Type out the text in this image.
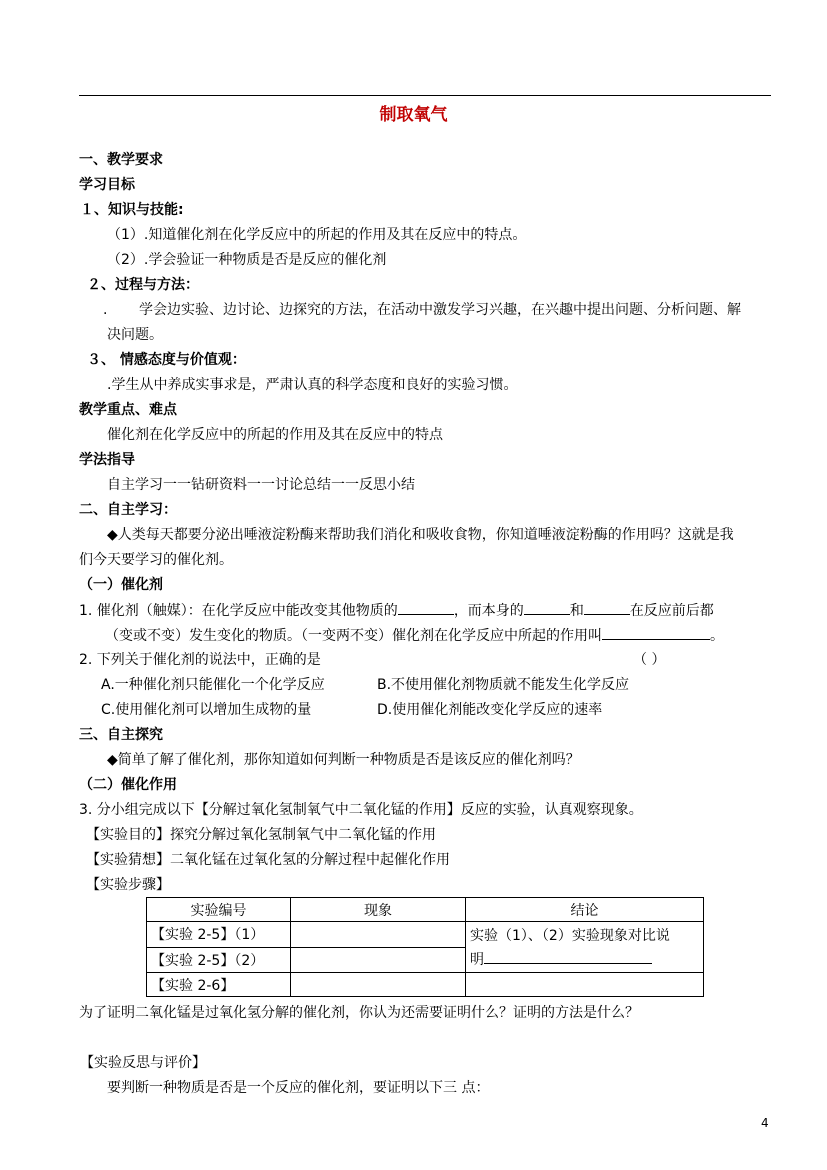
制取氧气
一、教学要求
学习目标
１、知识与技能:
（1）.知道催化剂在化学反应中的所起的作用及其在反应中的特点。
（2）.学会验证一种物质是否是反应的催化剂
２、过程与方法：
. 学会边实验、边讨论、边探究的方法，在活动中激发学习兴趣，在兴趣中提出问题、分析问题、解
决问题。
３、 情感态度与价值观：
.学生从中养成实事求是，严肃认真的科学态度和良好的实验习惯。
教学重点、难点
催化剂在化学反应中的所起的作用及其在反应中的特点
学法指导
自主学习一一钻研资料一一讨论总结一一反思小结
二、自主学习：
◆人类每天都要分泌出唾液淀粉酶来帮助我们消化和吸收食物，你知道唾液淀粉酶的作用吗？这就是我
们今天要学习的催化剂。
（一）催化剂
1. 催化剂（触媒）：在化学反应中能改变其他物质的	，而本身的	和	在反应前后都
（变或不变）发生变化的物质。（一变两不变）催化剂在化学反应中所起的作用叫	。
2. 下列关于催化剂的说法中，正确的是	（ ）
A.一种催化剂只能催化一个化学反应	B.不使用催化剂物质就不能发生化学反应
C.使用催化剂可以增加生成物的量	D.使用催化剂能改变化学反应的速率
三、自主探究
◆简单了解了催化剂，那你知道如何判断一种物质是否是该反应的催化剂吗？
（二）催化作用
3. 分小组完成以下【分解过氧化氢制氧气中二氧化锰的作用】反应的实验，认真观察现象。
【实验目的】探究分解过氧化氢制氧气中二氧化锰的作用
【实验猜想】二氧化锰在过氧化氢的分解过程中起催化作用
【实验步骤】
实验编号	现象	结论
【实验 2-5】（1）		实验（1）、（2）实验现象对比说
明

【实验 2-5】（2）		
【实验 2-6】		
为了证明二氧化锰是过氧化氢分解的催化剂，你认为还需要证明什么？证明的方法是什么？
【实验反思与评价】
要判断一种物质是否是一个反应的催化剂，要证明以下三 点：
4
